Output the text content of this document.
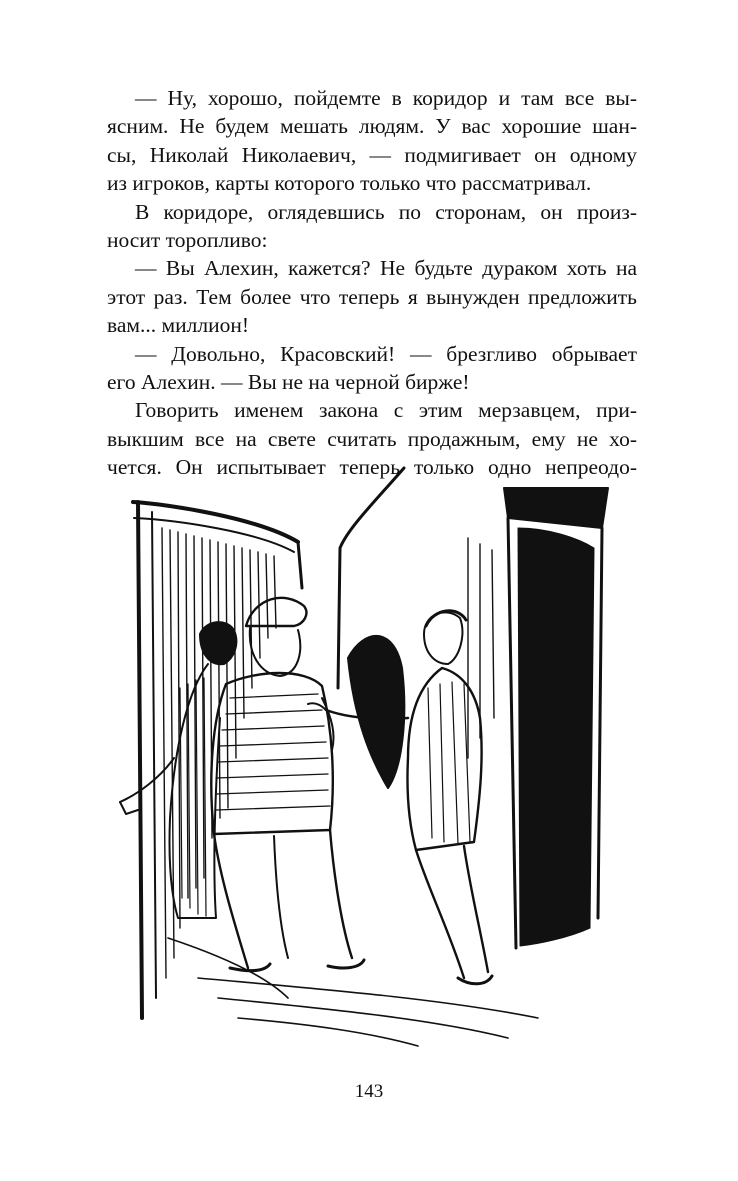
— Ну, хорошо, пойдемте в коридор и там все вы-
ясним. Не будем мешать людям. У вас хорошие шан-
сы, Николай Николаевич, — подмигивает он одному
из игроков, карты которого только что рассматривал.
В коридоре, оглядевшись по сторонам, он произ-
носит торопливо:
— Вы Алехин, кажется? Не будьте дураком хоть на
этот раз. Тем более что теперь я вынужден предложить
вам... миллион!
— Довольно, Красовский! — брезгливо обрывает
его Алехин. — Вы не на черной бирже!
Говорить именем закона с этим мерзавцем, при-
выкшим все на свете считать продажным, ему не хо-
чется. Он испытывает теперь только одно непреодо-
143
